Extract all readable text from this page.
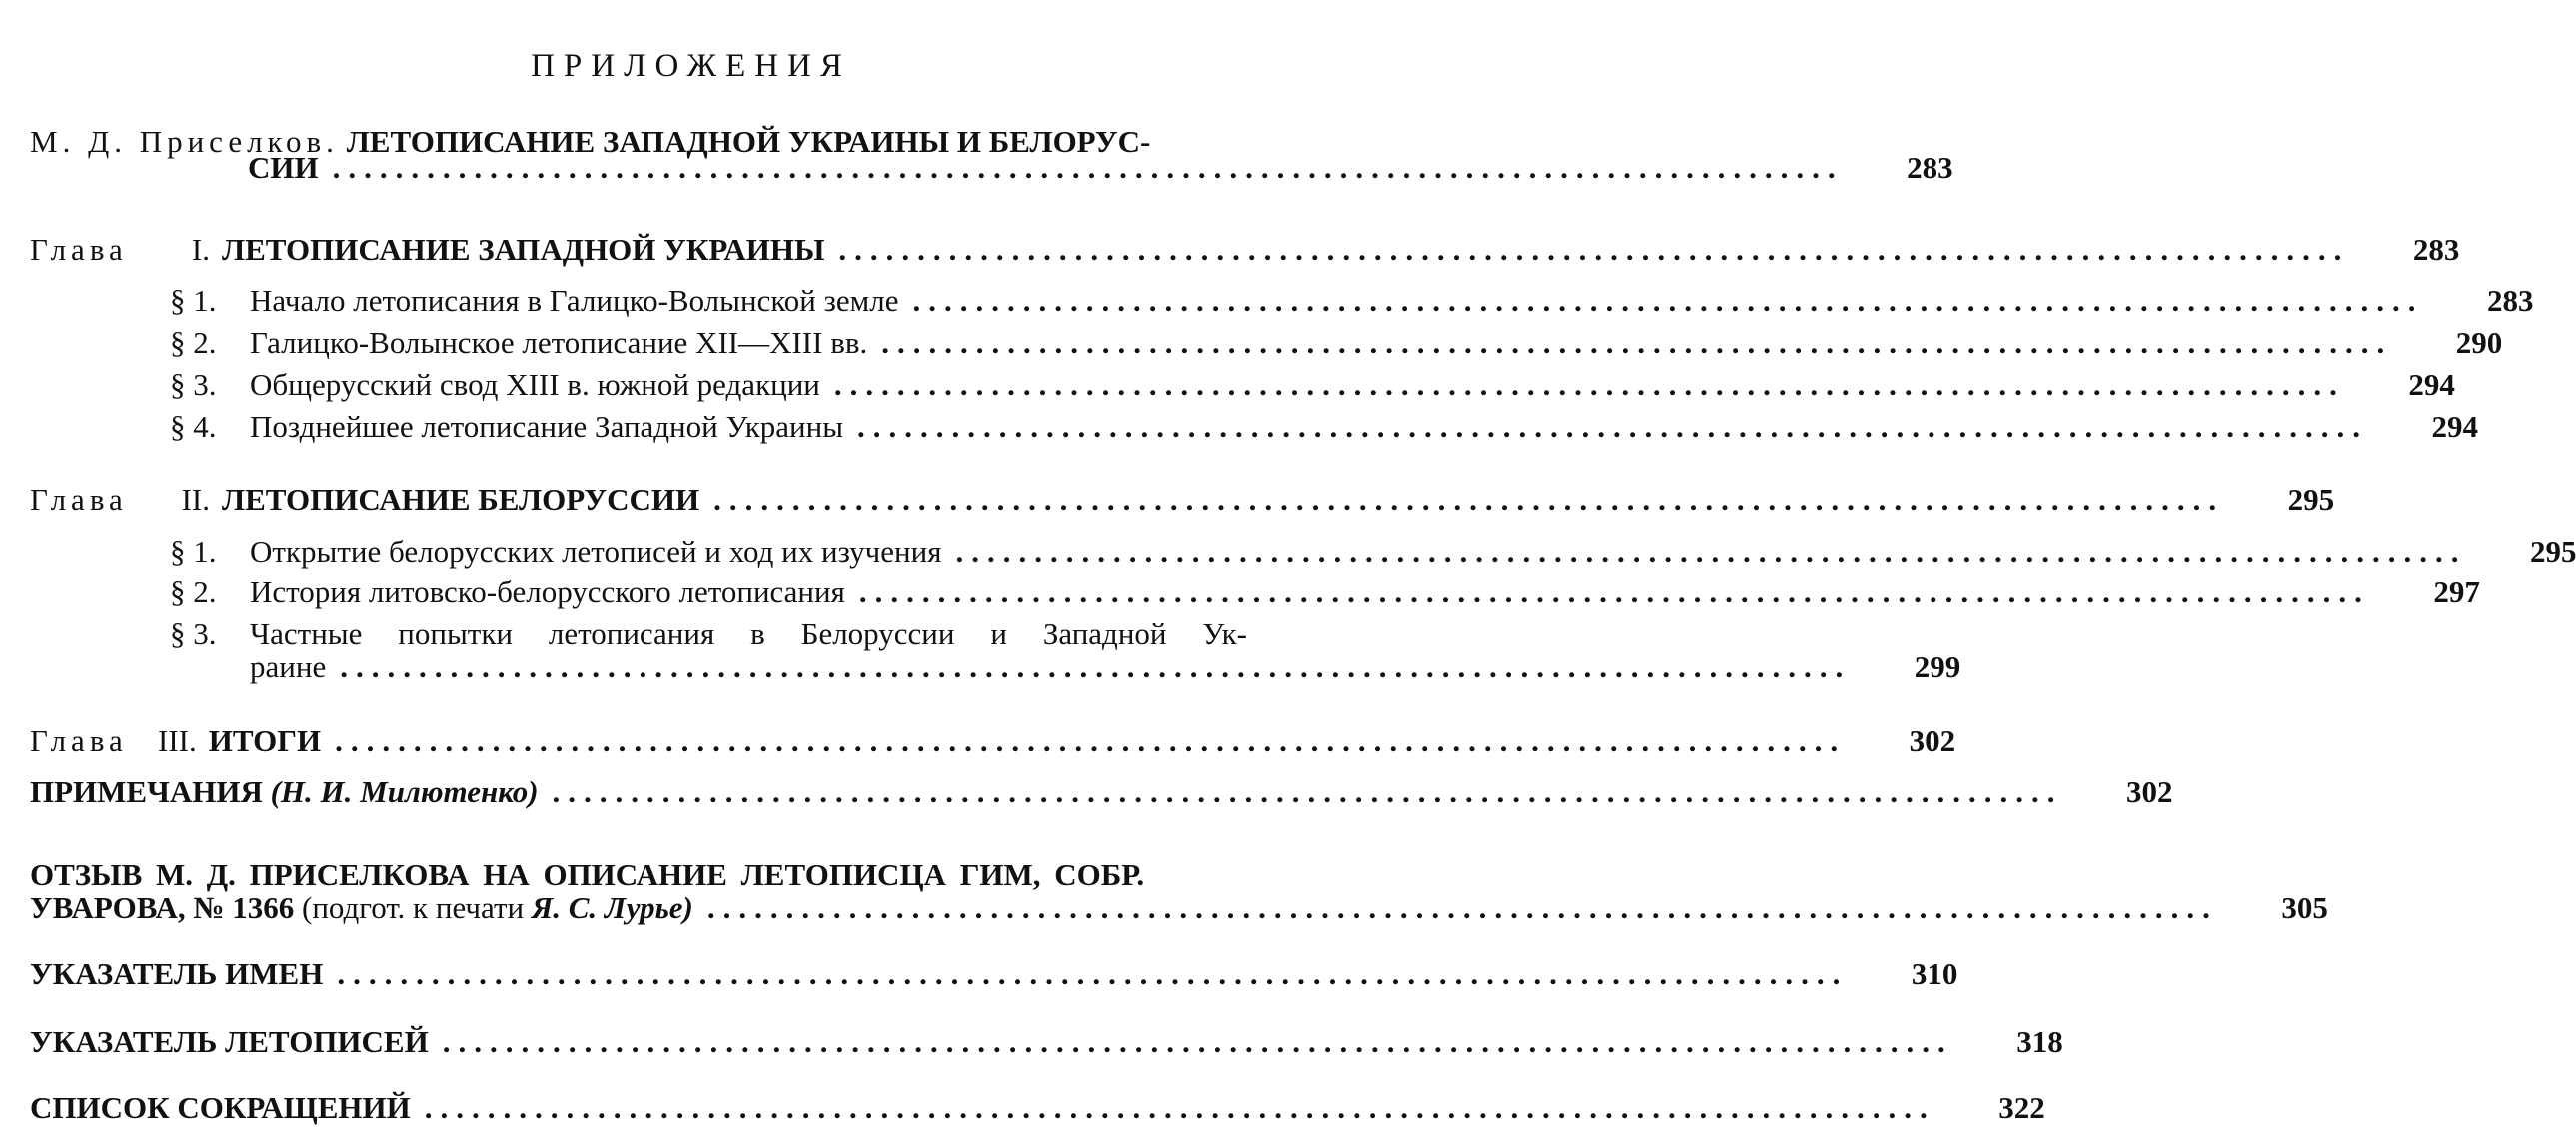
ПРИЛОЖЕНИЯ
М. Д. Приселков. ЛЕТОПИСАНИЕ ЗАПАДНОЙ УКРАИНЫ И БЕЛОРУС-
СИИ ................................................................................................	283
Глава I. ЛЕТОПИСАНИЕ ЗАПАДНОЙ УКРАИНЫ ................................................................................................	283
§ 1. Начало летописания в Галицко-Волынской земле ................................................................................................	283
§ 2. Галицко-Волынское летописание XII—XIII вв. ................................................................................................	290
§ 3. Общерусский свод XIII в. южной редакции ................................................................................................	294
§ 4. Позднейшее летописание Западной Украины ................................................................................................	294
Глава II. ЛЕТОПИСАНИЕ БЕЛОРУССИИ ................................................................................................	295
§ 1. Открытие белорусских летописей и ход их изучения ................................................................................................	295
§ 2. История литовско-белорусского летописания ................................................................................................	297
§ 3.	Частные попытки летописания в Белоруссии и Западной Ук-
раине ................................................................................................	299
Глава III. ИТОГИ ................................................................................................	302
ПРИМЕЧАНИЯ (Н. И. Милютенко) ................................................................................................	302
ОТЗЫВ М. Д. ПРИСЕЛКОВА НА ОПИСАНИЕ ЛЕТОПИСЦА ГИМ, СОБР.
УВАРОВА, № 1366 (подгот. к печати Я. С. Лурье) ................................................................................................	305
УКАЗАТЕЛЬ ИМЕН ................................................................................................	310
УКАЗАТЕЛЬ ЛЕТОПИСЕЙ ................................................................................................	318
СПИСОК СОКРАЩЕНИЙ ................................................................................................	322
